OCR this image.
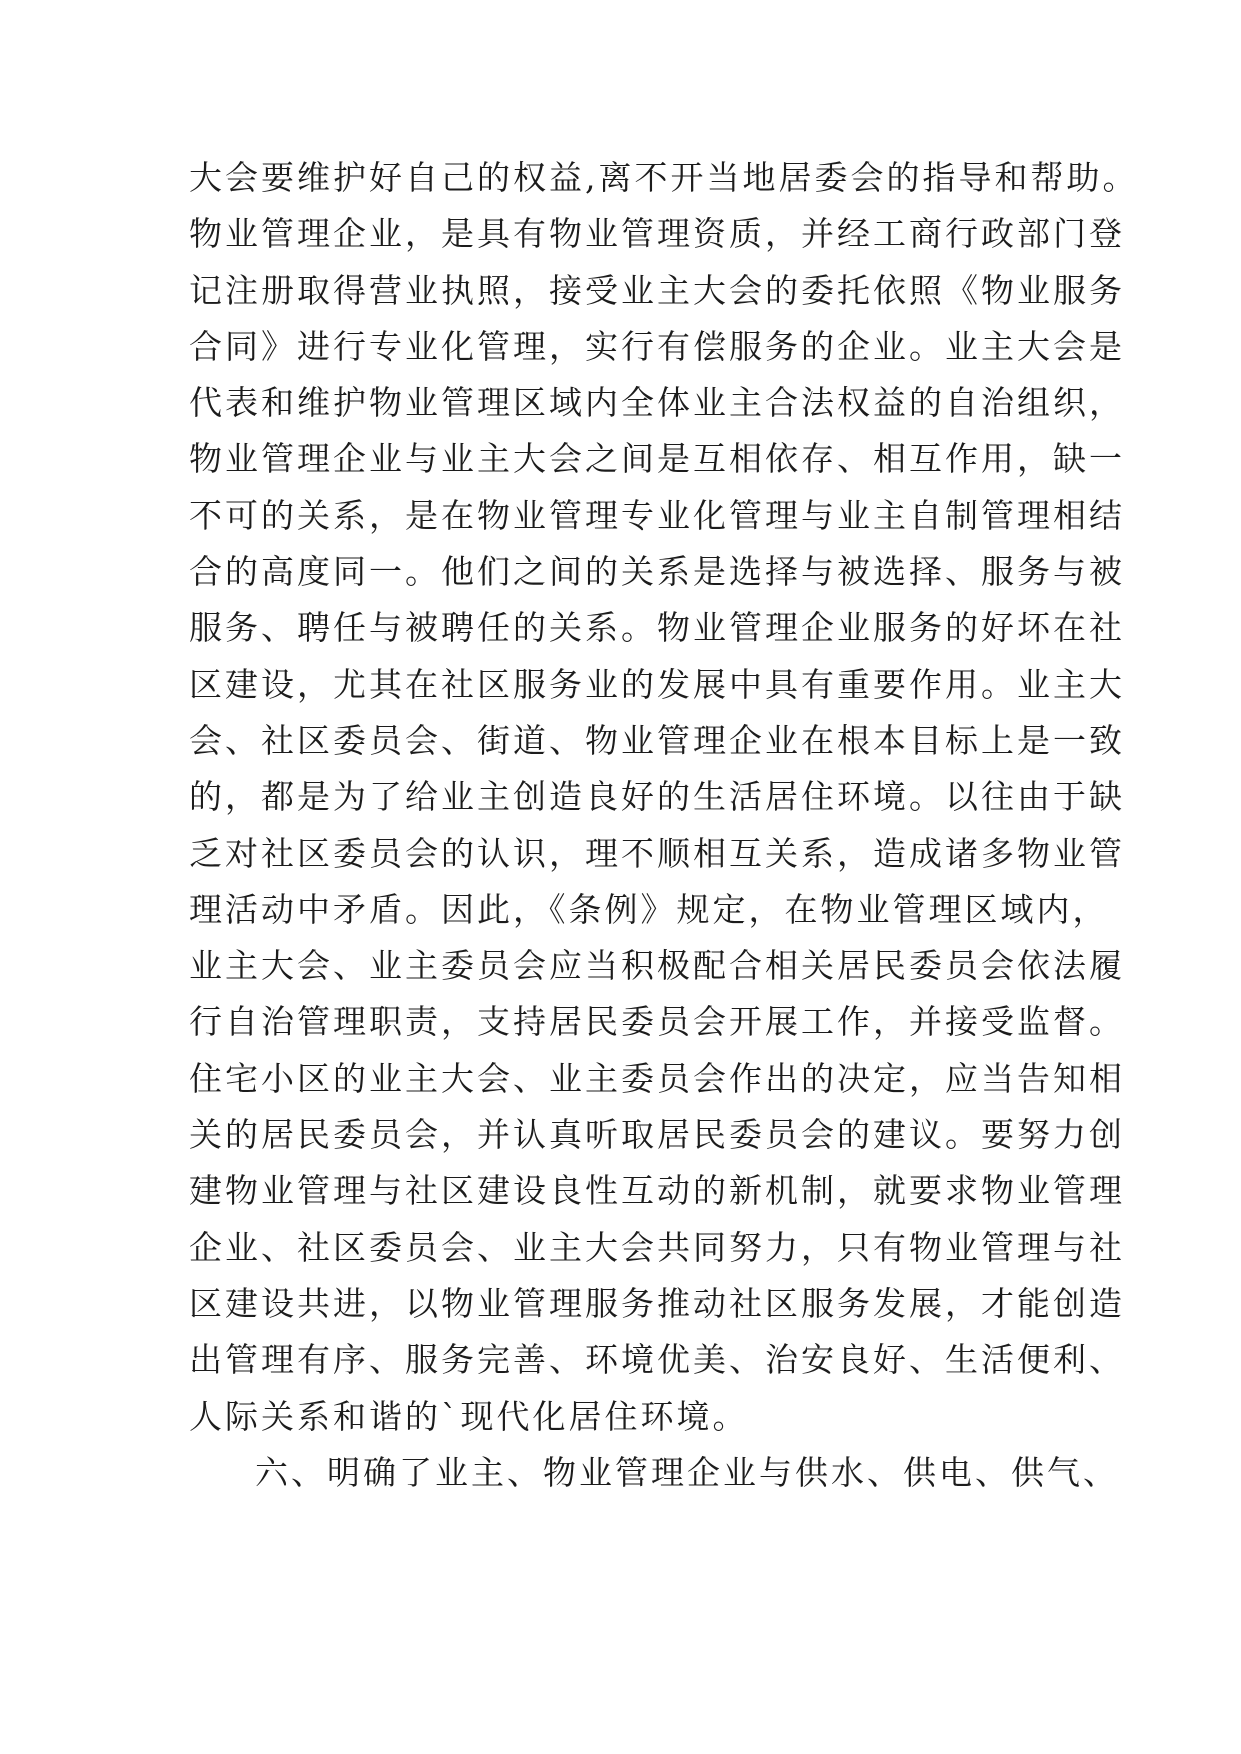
大会要维护好自己的权益,离不开当地居委会的指导和帮助。
物业管理企业，是具有物业管理资质，并经工商行政部门登
记注册取得营业执照，接受业主大会的委托依照《物业服务
合同》进行专业化管理，实行有偿服务的企业。业主大会是
代表和维护物业管理区域内全体业主合法权益的自治组织，
物业管理企业与业主大会之间是互相依存、相互作用，缺一
不可的关系，是在物业管理专业化管理与业主自制管理相结
合的高度同一。他们之间的关系是选择与被选择、服务与被
服务、聘任与被聘任的关系。物业管理企业服务的好坏在社
区建设，尤其在社区服务业的发展中具有重要作用。业主大
会、社区委员会、街道、物业管理企业在根本目标上是一致
的，都是为了给业主创造良好的生活居住环境。以往由于缺
乏对社区委员会的认识，理不顺相互关系，造成诸多物业管
理活动中矛盾。因此，《条例》规定，在物业管理区域内，
业主大会、业主委员会应当积极配合相关居民委员会依法履
行自治管理职责，支持居民委员会开展工作，并接受监督。
住宅小区的业主大会、业主委员会作出的决定，应当告知相
关的居民委员会，并认真听取居民委员会的建议。要努力创
建物业管理与社区建设良性互动的新机制，就要求物业管理
企业、社区委员会、业主大会共同努力，只有物业管理与社
区建设共进，以物业管理服务推动社区服务发展，才能创造
出管理有序、服务完善、环境优美、治安良好、生活便利、
人际关系和谐的`现代化居住环境。
六、明确了业主、物业管理企业与供水、供电、供气、
